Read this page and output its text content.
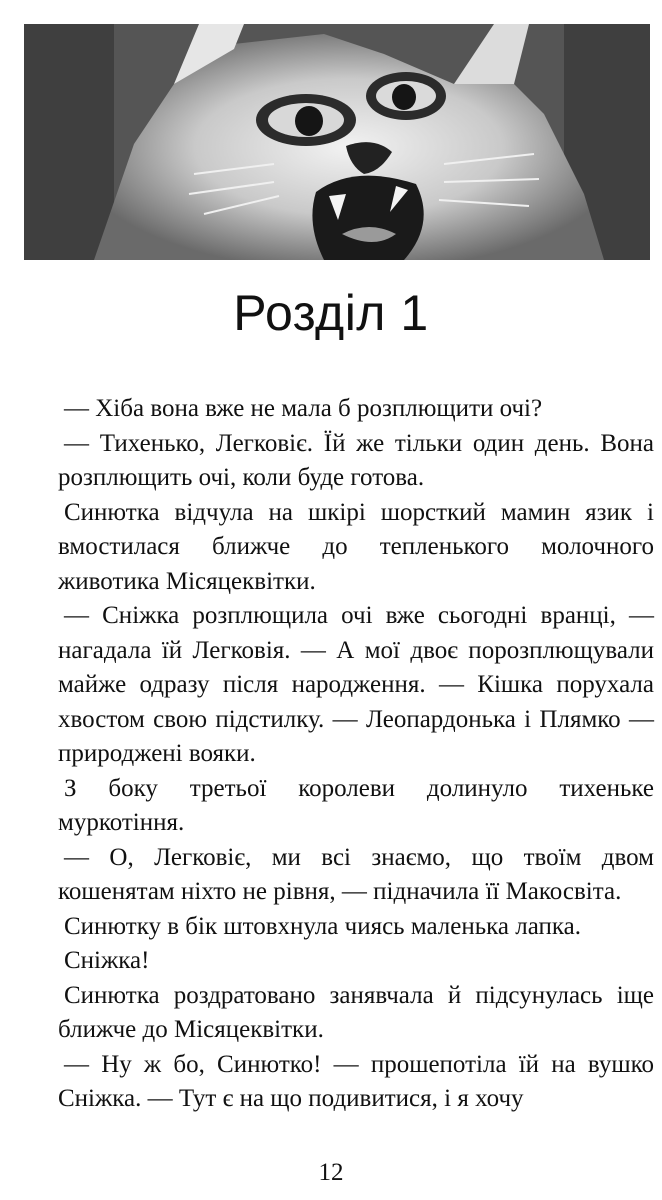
Розділ 1

— Хіба вона вже не мала б розплющити очі?

— Тихенько, Легковіє. Їй же тільки один день. Вона розплющить очі, коли буде готова.

Синютка відчула на шкірі шорсткий мамин язик і вмостилася ближче до тепленького молочного животика Місяцеквітки.

— Сніжка розплющила очі вже сьогодні вранці, — нагадала їй Легковія. — А мої двоє порозплющували майже одразу після народження. — Кішка порухала хвостом свою підстилку. — Леопардонька і Плямко — природжені вояки.

З боку третьої королеви долинуло тихеньке муркотіння.

— О, Легковіє, ми всі знаємо, що твоїм двом кошенятам ніхто не рівня, — підначила її Макосвіта.

Синютку в бік штовхнула чиясь маленька лапка.

Сніжка!

Синютка роздратовано занявчала й підсунулась іще ближче до Місяцеквітки.

— Ну ж бо, Синютко! — прошепотіла їй на вушко Сніжка. — Тут є на що подивитися, і я хочу

12
